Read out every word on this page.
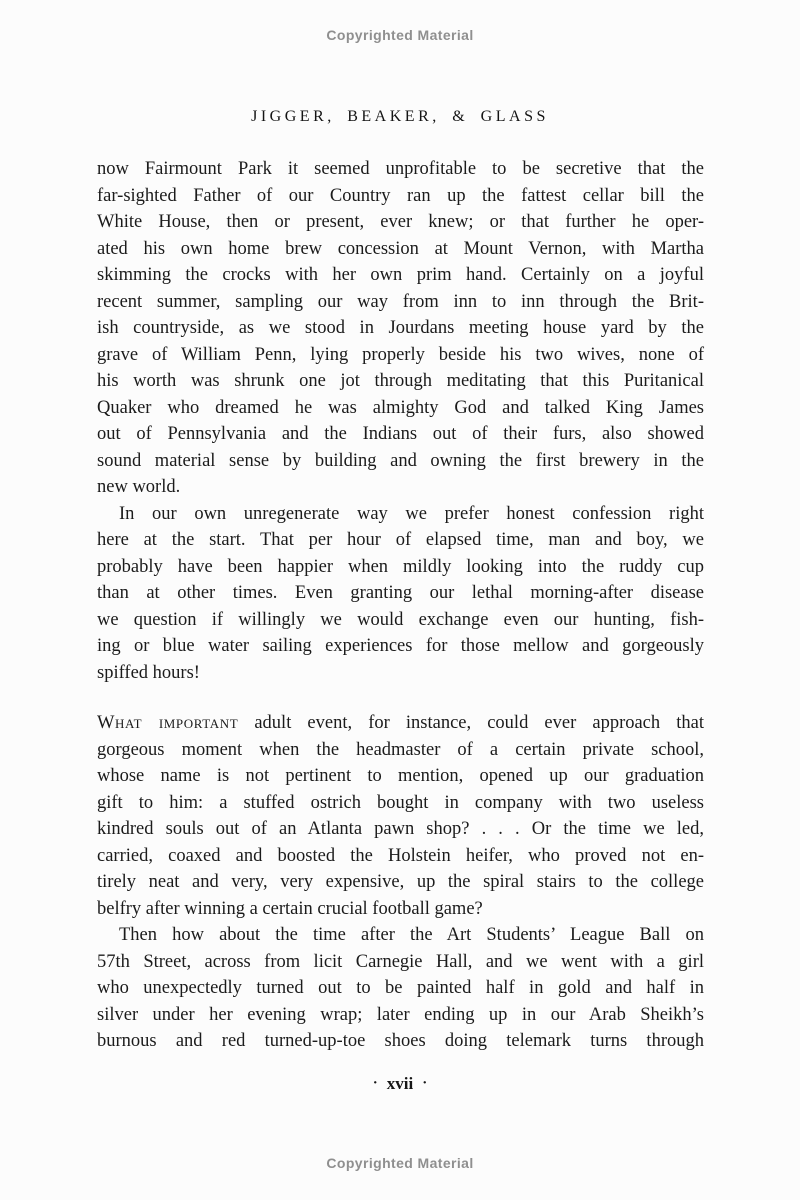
Copyrighted Material
JIGGER, BEAKER, & GLASS
now Fairmount Park it seemed unprofitable to be secretive that the
far-sighted Father of our Country ran up the fattest cellar bill the
White House, then or present, ever knew; or that further he oper-
ated his own home brew concession at Mount Vernon, with Martha
skimming the crocks with her own prim hand. Certainly on a joyful
recent summer, sampling our way from inn to inn through the Brit-
ish countryside, as we stood in Jourdans meeting house yard by the
grave of William Penn, lying properly beside his two wives, none of
his worth was shrunk one jot through meditating that this Puritanical
Quaker who dreamed he was almighty God and talked King James
out of Pennsylvania and the Indians out of their furs, also showed
sound material sense by building and owning the first brewery in the
new world.
In our own unregenerate way we prefer honest confession right
here at the start. That per hour of elapsed time, man and boy, we
probably have been happier when mildly looking into the ruddy cup
than at other times. Even granting our lethal morning-after disease
we question if willingly we would exchange even our hunting, fish-
ing or blue water sailing experiences for those mellow and gorgeously
spiffed hours!
What important adult event, for instance, could ever approach that
gorgeous moment when the headmaster of a certain private school,
whose name is not pertinent to mention, opened up our graduation
gift to him: a stuffed ostrich bought in company with two useless
kindred souls out of an Atlanta pawn shop? . . . Or the time we led,
carried, coaxed and boosted the Holstein heifer, who proved not en-
tirely neat and very, very expensive, up the spiral stairs to the college
belfry after winning a certain crucial football game?
Then how about the time after the Art Students’ League Ball on
57th Street, across from licit Carnegie Hall, and we went with a girl
who unexpectedly turned out to be painted half in gold and half in
silver under her evening wrap; later ending up in our Arab Sheikh’s
burnous and red turned-up-toe shoes doing telemark turns through
· xvii ·
Copyrighted Material
